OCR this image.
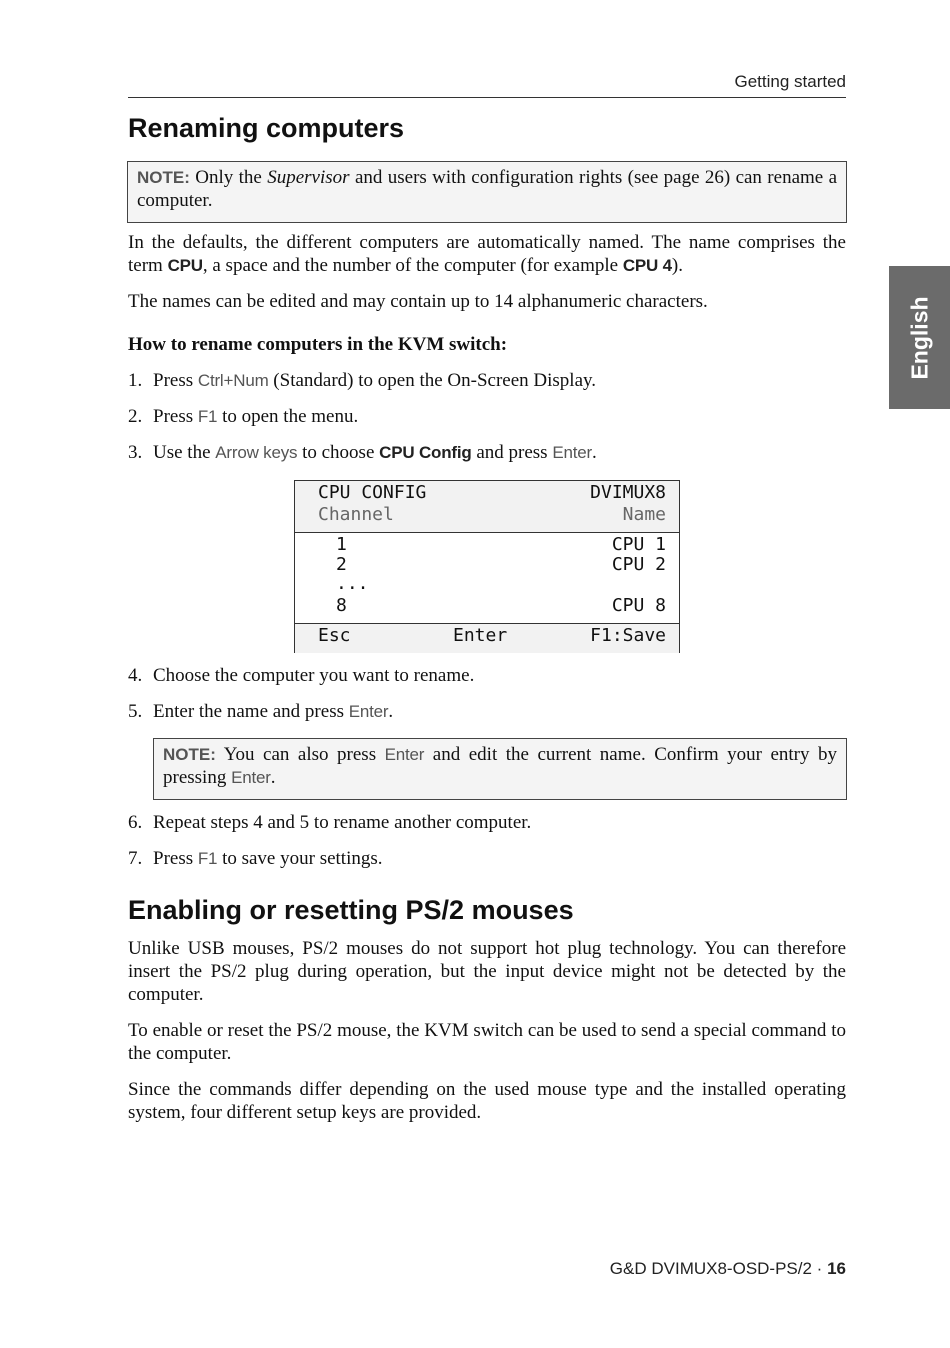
Getting started
English
Renaming computers
NOTE: Only the Supervisor and users with configuration rights (see page 26) can rename a computer.

In the defaults, the different computers are automatically named. The name comprises the term CPU, a space and the number of the computer (for example CPU 4).

The names can be edited and may contain up to 14 alphanumeric characters.

How to rename computers in the KVM switch:

1. Press Ctrl+Num (Standard) to open the On-Screen Display.

2. Press F1 to open the menu.

3. Use the Arrow keys to choose CPU Config and press Enter.

CPU CONFIG	DVIMUX8
Channel	Name
1	CPU 1
2	CPU 2
...
8	CPU 8
Esc	Enter	F1:Save

4. Choose the computer you want to rename.

5. Enter the name and press Enter.

NOTE: You can also press Enter and edit the current name. Confirm your entry by pressing Enter.

6. Repeat steps 4 and 5 to rename another computer.

7. Press F1 to save your settings.

Enabling or resetting PS/2 mouses

Unlike USB mouses, PS/2 mouses do not support hot plug technology. You can therefore insert the PS/2 plug during operation, but the input device might not be detected by the computer.

To enable or reset the PS/2 mouse, the KVM switch can be used to send a special command to the computer.

Since the commands differ depending on the used mouse type and the installed operating system, four different setup keys are provided.

G&D DVIMUX8-OSD-PS/2 · 16
